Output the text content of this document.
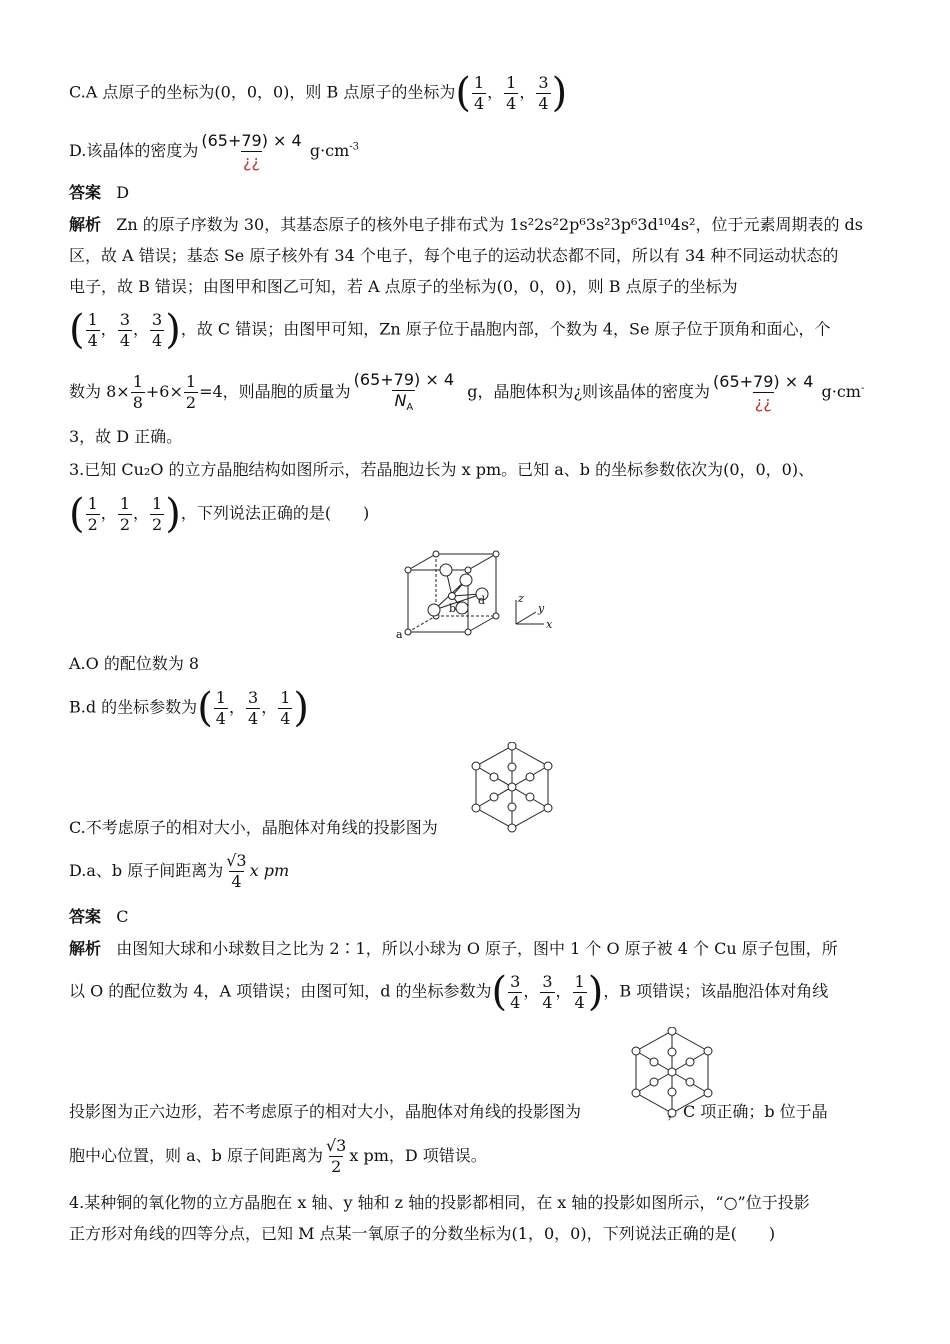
C.A 点原子的坐标为(0，0，0)，则 B 点原子的坐标为( $\frac{1}{4}$ ， $\frac{1}{4}$ ， $\frac{3}{4}$ )
D.该晶体的密度为 $\frac{(65+79) \times 4}{¿¿} g\cdot cm^{-3}$
答案 D
解析 Zn 的原子序数为 30，其基态原子的核外电子排布式为 1s²2s²2p⁶3s²3p⁶3d¹⁰4s²，位于元素周期表的 ds
区，故 A 错误；基态 Se 原子核外有 34 个电子，每个电子的运动状态都不同，所以有 34 种不同运动状态的
电子，故 B 错误；由图甲和图乙可知，若 A 点原子的坐标为(0，0，0)，则 B 点原子的坐标为
( $\frac{1}{4}$ ， $\frac{3}{4}$ ， $\frac{3}{4}$ )，故 C 错误；由图甲可知，Zn 原子位于晶胞内部，个数为 4，Se 原子位于顶角和面心，个
数为 $8\times \frac{1}{8} +6\times \frac{1}{2} =4$，则晶胞的质量为 $\frac{(65+79) \times 4}{N_A}$ g，晶胞体积为¿则该晶体的密度为 $\frac{(65+79) \times 4}{¿¿} g\cdot cm^-$
3，故 D 正确。
3.已知 Cu₂O 的立方晶胞结构如图所示，若晶胞边长为 x pm。已知 a、b 的坐标参数依次为(0，0，0)、
( $\frac{1}{2}$ ， $\frac{1}{2}$ ， $\frac{1}{2}$ )，下列说法正确的是(　　)
a
b
d	z
y
x
A.O 的配位数为 8
B.d 的坐标参数为( $\frac{1}{4}$ ， $\frac{3}{4}$ ， $\frac{1}{4}$ )
C.不考虑原子的相对大小，晶胞体对角线的投影图为
D.a、b 原子间距离为 $\frac{√3}{4}$ x pm
答案 C
解析 由图知大球和小球数目之比为 2∶1，所以小球为 O 原子，图中 1 个 O 原子被 4 个 Cu 原子包围，所
以 O 的配位数为 4，A 项错误；由图可知，d 的坐标参数为( $\frac{3}{4}$ ， $\frac{3}{4}$ ， $\frac{1}{4}$ )，B 项错误；该晶胞沿体对角线
投影图为正六边形，若不考虑原子的相对大小，晶胞体对角线的投影图为	，C 项正确；b 位于晶
胞中心位置，则 a、b 原子间距离为 $\frac{√3}{2}$ x pm，D 项错误。
4.某种铜的氧化物的立方晶胞在 x 轴、y 轴和 z 轴的投影都相同，在 x 轴的投影如图所示，“○”位于投影
正方形对角线的四等分点，已知 M 点某一氧原子的分数坐标为(1，0，0)，下列说法正确的是(　　)
